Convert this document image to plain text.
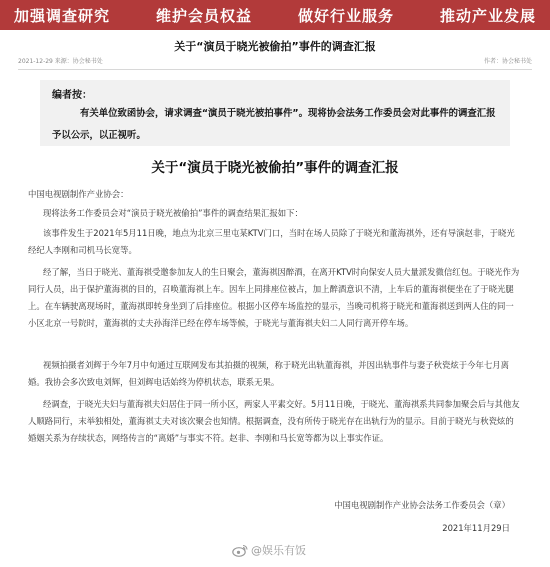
加强调查研究	维护会员权益	做好行业服务	推动产业发展
关于“演员于晓光被偷拍”事件的调查汇报
2021-12-29 来源：协会秘书处	作者：协会秘书处
编者按：
有关单位致函协会，请求调查“演员于晓光被拍事件”。现将协会法务工作委员会对此事件的调查汇报予以公示，以正视听。
关于“演员于晓光被偷拍”事件的调查汇报
中国电视剧制作产业协会：
现将法务工作委员会对“演员于晓光被偷拍”事件的调查结果汇报如下：
该事件发生于2021年5月11日晚，地点为北京三里屯某KTV门口，当时在场人员除了于晓光和董海祺外，还有导演赵非，于晓光经纪人李刚和司机马长宽等。
经了解，当日于晓光、董海祺受邀参加友人的生日聚会，董海祺因醉酒，在离开KTV时向保安人员大量派发微信红包。于晓光作为同行人员，出于保护董海祺的目的，召唤董海祺上车。因车上同排座位被占，加上醉酒意识不清，上车后的董海祺便坐在了于晓光腿上。在车辆驶离现场时，董海祺即转身坐到了后排座位。根据小区停车场监控的显示，当晚司机将于晓光和董海祺送到两人住的同一小区北京一号院时，董海祺的丈夫孙海洋已经在停车场等候，于晓光与董海祺夫妇二人同行离开停车场。
视频拍摄者刘辉于今年7月中旬通过互联网发布其拍摄的视频，称于晓光出轨董海祺，并因出轨事件与妻子秋瓷炫于今年七月离婚。我协会多次致电刘辉，但刘辉电话始终为停机状态，联系无果。
经调查，于晓光夫妇与董海祺夫妇居住于同一所小区，两家人平素交好。5月11日晚，于晓光、董海祺系共同参加聚会后与其他友人顺路同行，末举独相处，董海祺丈夫对该次聚会也知情。根据调查，没有所传于晓光存在出轨行为的显示。目前于晓光与秋瓷炫的婚姻关系为存续状态，网络传言的“离婚”与事实不符。赵非、李刚和马长宽等都为以上事实作证。
中国电视剧制作产业协会法务工作委员会（章）
2021年11月29日
@娱乐有饭
